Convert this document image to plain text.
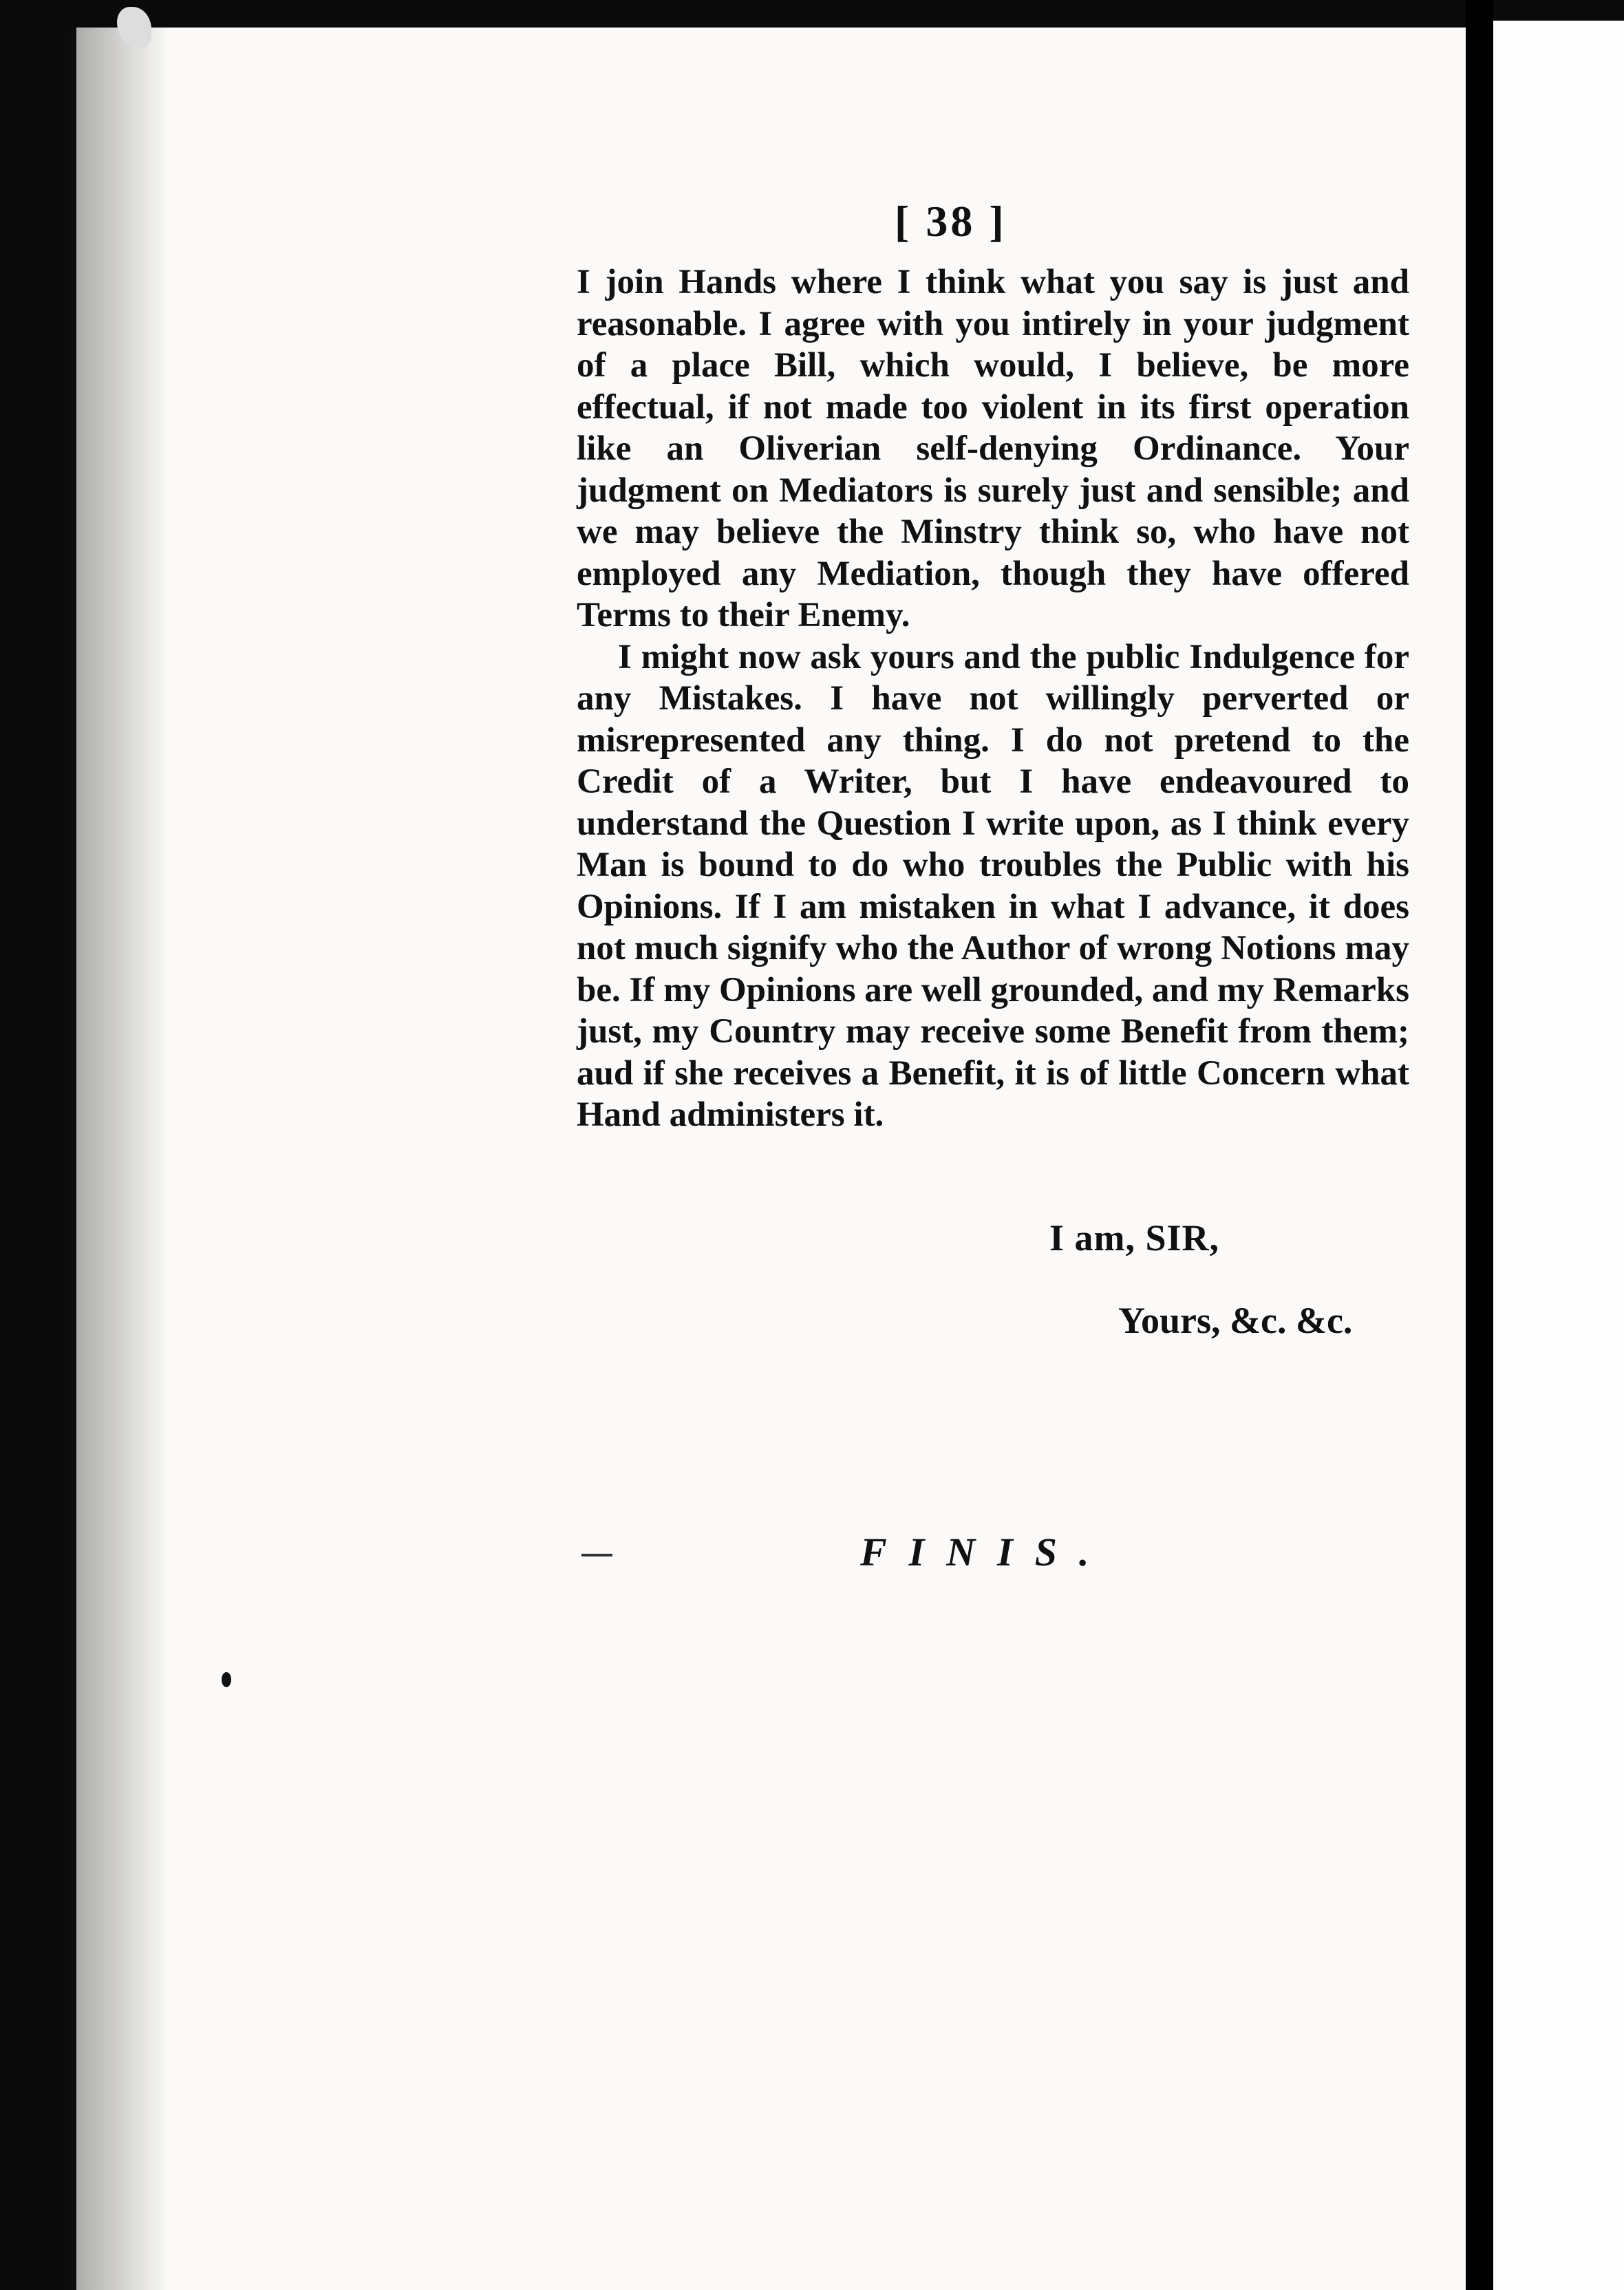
[ 38 ]

I join Hands where I think what you say is just and reasonable. I agree with you intirely in your judgment of a place Bill, which would, I believe, be more effectual, if not made too violent in its first operation like an Oliverian self-denying Ordinance. Your judgment on Mediators is surely just and sensible; and we may believe the Minstry think so, who have not employed any Mediation, though they have offered Terms to their Enemy.

I might now ask yours and the public Indulgence for any Mistakes. I have not willingly perverted or misrepresented any thing. I do not pretend to the Credit of a Writer, but I have endeavoured to understand the Question I write upon, as I think every Man is bound to do who troubles the Public with his Opinions. If I am mistaken in what I advance, it does not much signify who the Author of wrong Notions may be. If my Opinions are well grounded, and my Remarks just, my Country may receive some Benefit from them; aud if she receives a Benefit, it is of little Concern what Hand administers it.

I am, SIR,
Yours, &c. &c.
FINIS.
